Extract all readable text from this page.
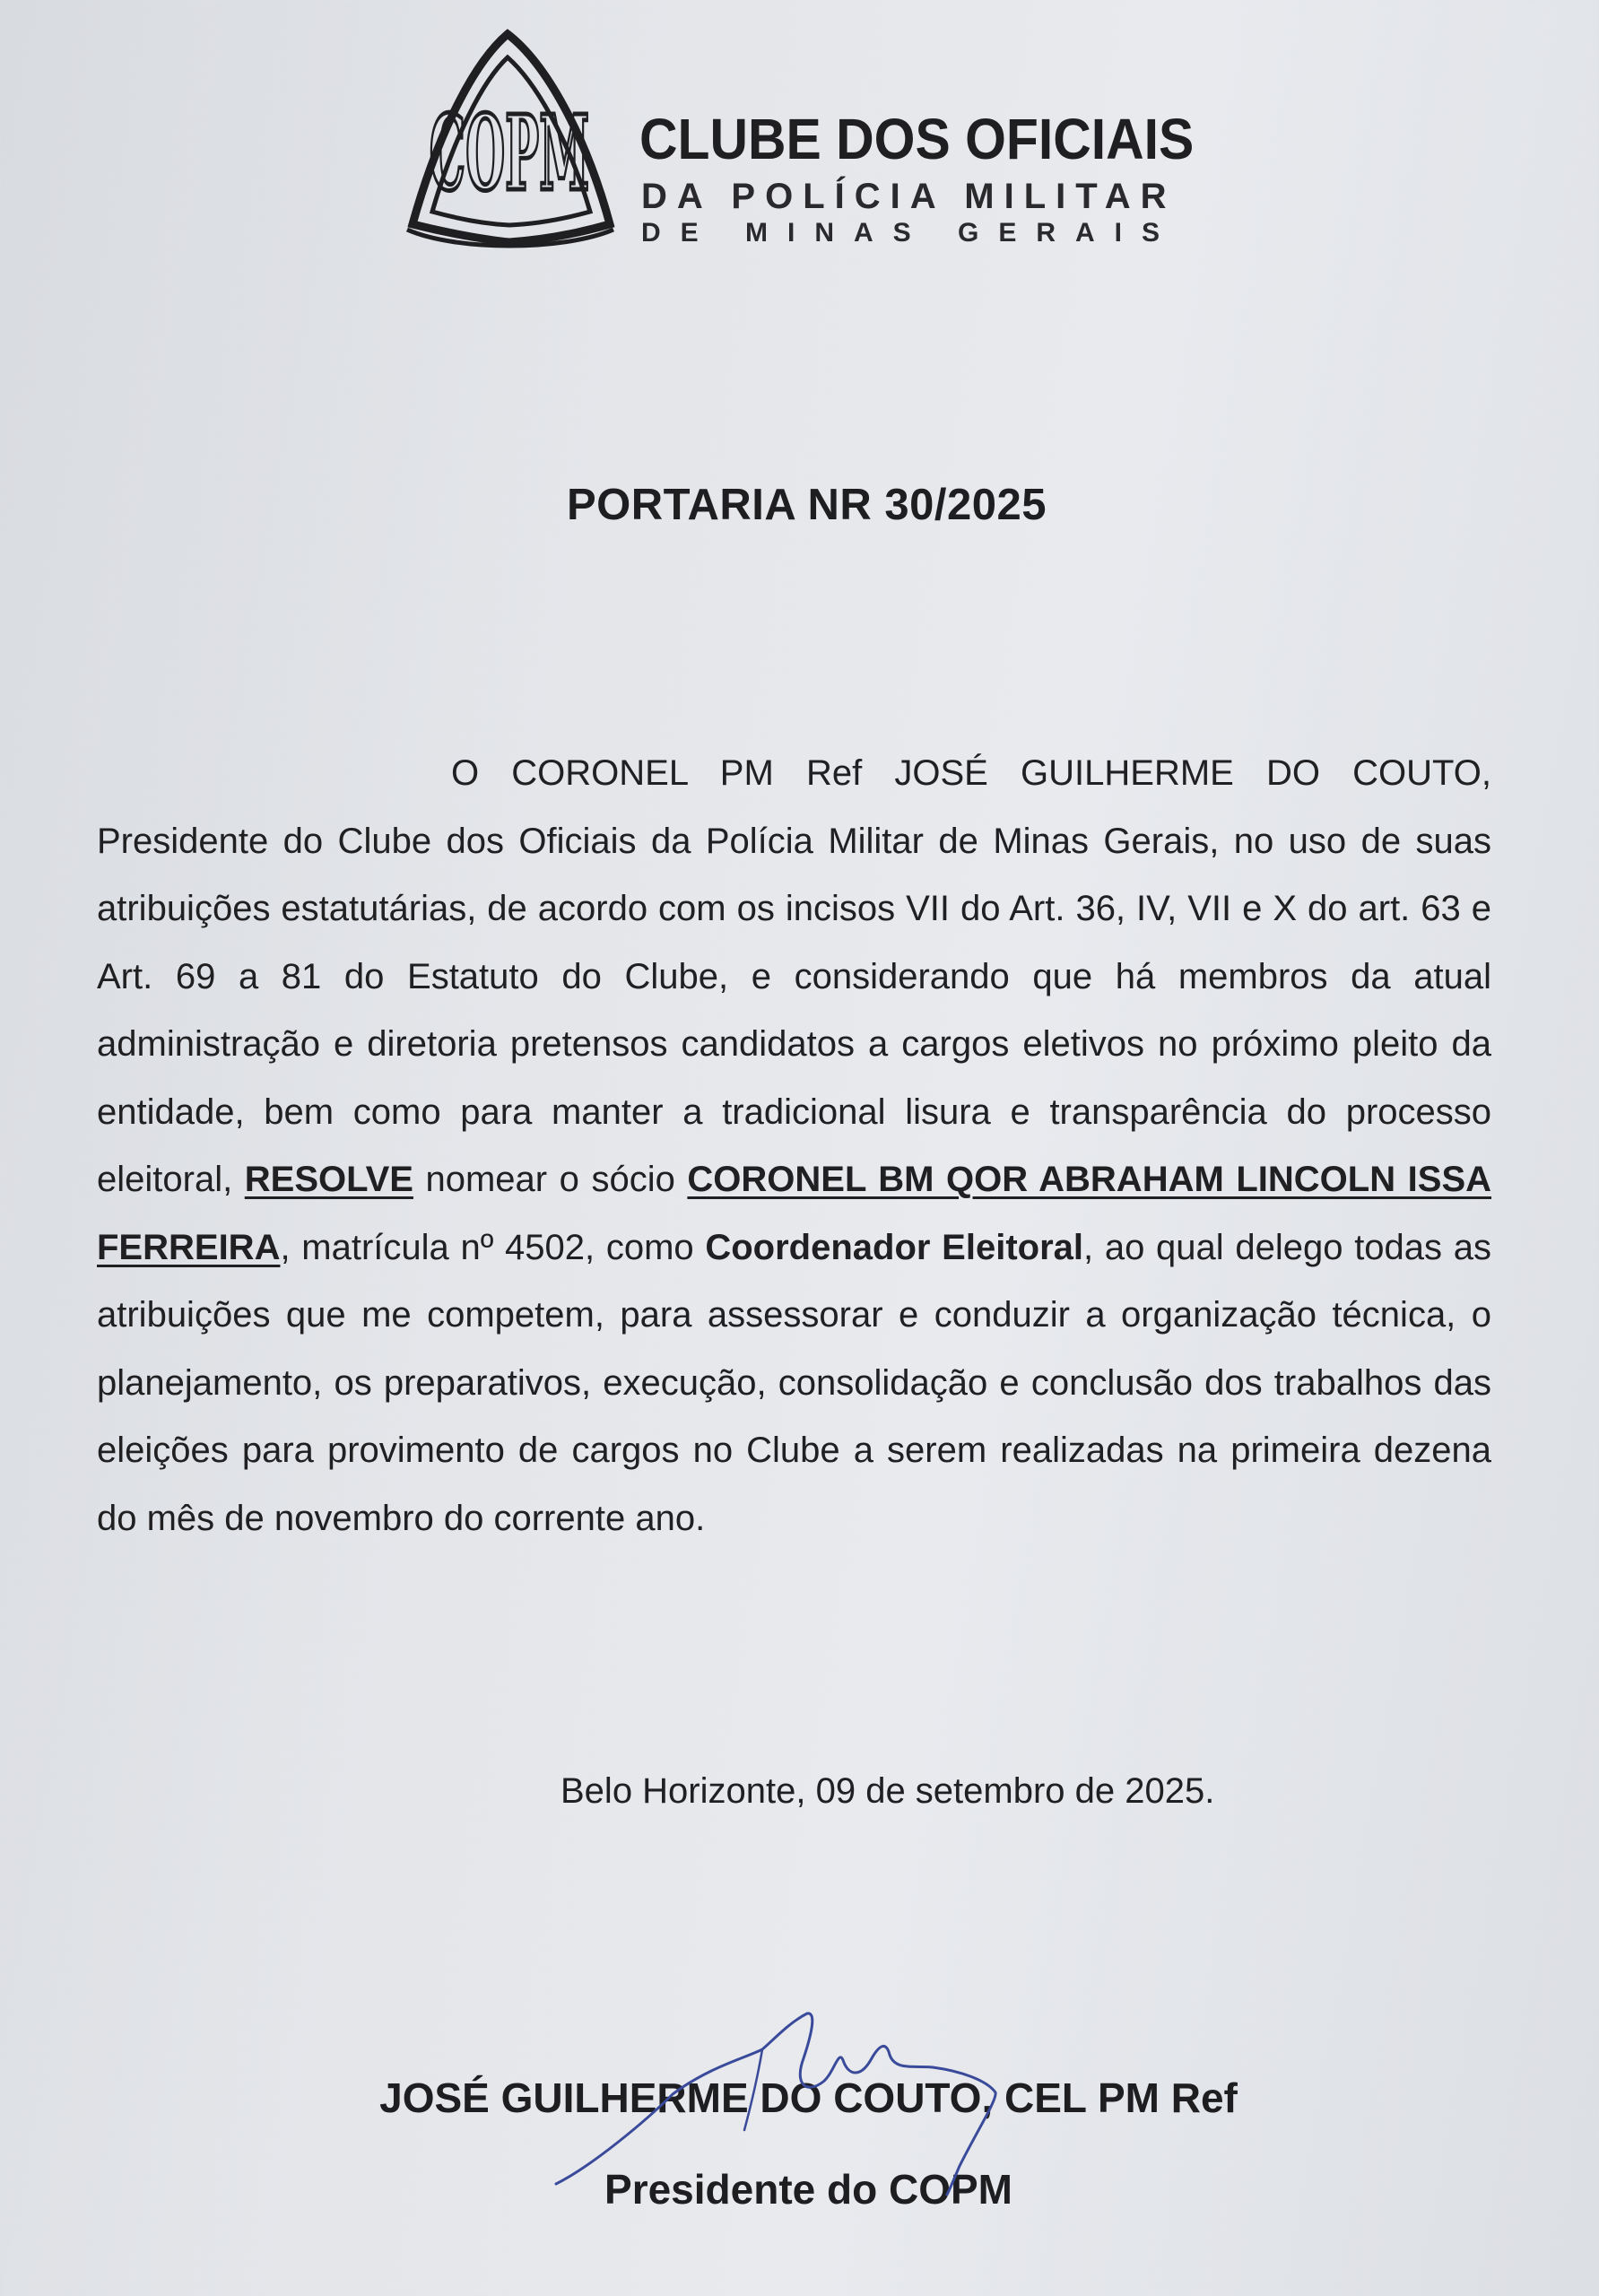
COPM CLUBE DOS OFICIAIS
DA POLÍCIA MILITAR
DE MINAS GERAIS
PORTARIA NR 30/2025

O CORONEL PM Ref JOSÉ GUILHERME DO COUTO, Presidente do Clube dos Oficiais da Polícia Militar de Minas Gerais, no uso de suas atribuições estatutárias, de acordo com os incisos VII do Art. 36, IV, VII e X do art. 63 e Art. 69 a 81 do Estatuto do Clube, e considerando que há membros da atual administração e diretoria pretensos candidatos a cargos eletivos no próximo pleito da entidade, bem como para manter a tradicional lisura e transparência do processo eleitoral, RESOLVE nomear o sócio CORONEL BM QOR ABRAHAM LINCOLN ISSA FERREIRA, matrícula nº 4502, como Coordenador Eleitoral, ao qual delego todas as atribuições que me competem, para assessorar e conduzir a organização técnica, o planejamento, os preparativos, execução, consolidação e conclusão dos trabalhos das eleições para provimento de cargos no Clube a serem realizadas na primeira dezena do mês de novembro do corrente ano.

Belo Horizonte, 09 de setembro de 2025.
JOSÉ GUILHERME DO COUTO, CEL PM Ref
Presidente do COPM
